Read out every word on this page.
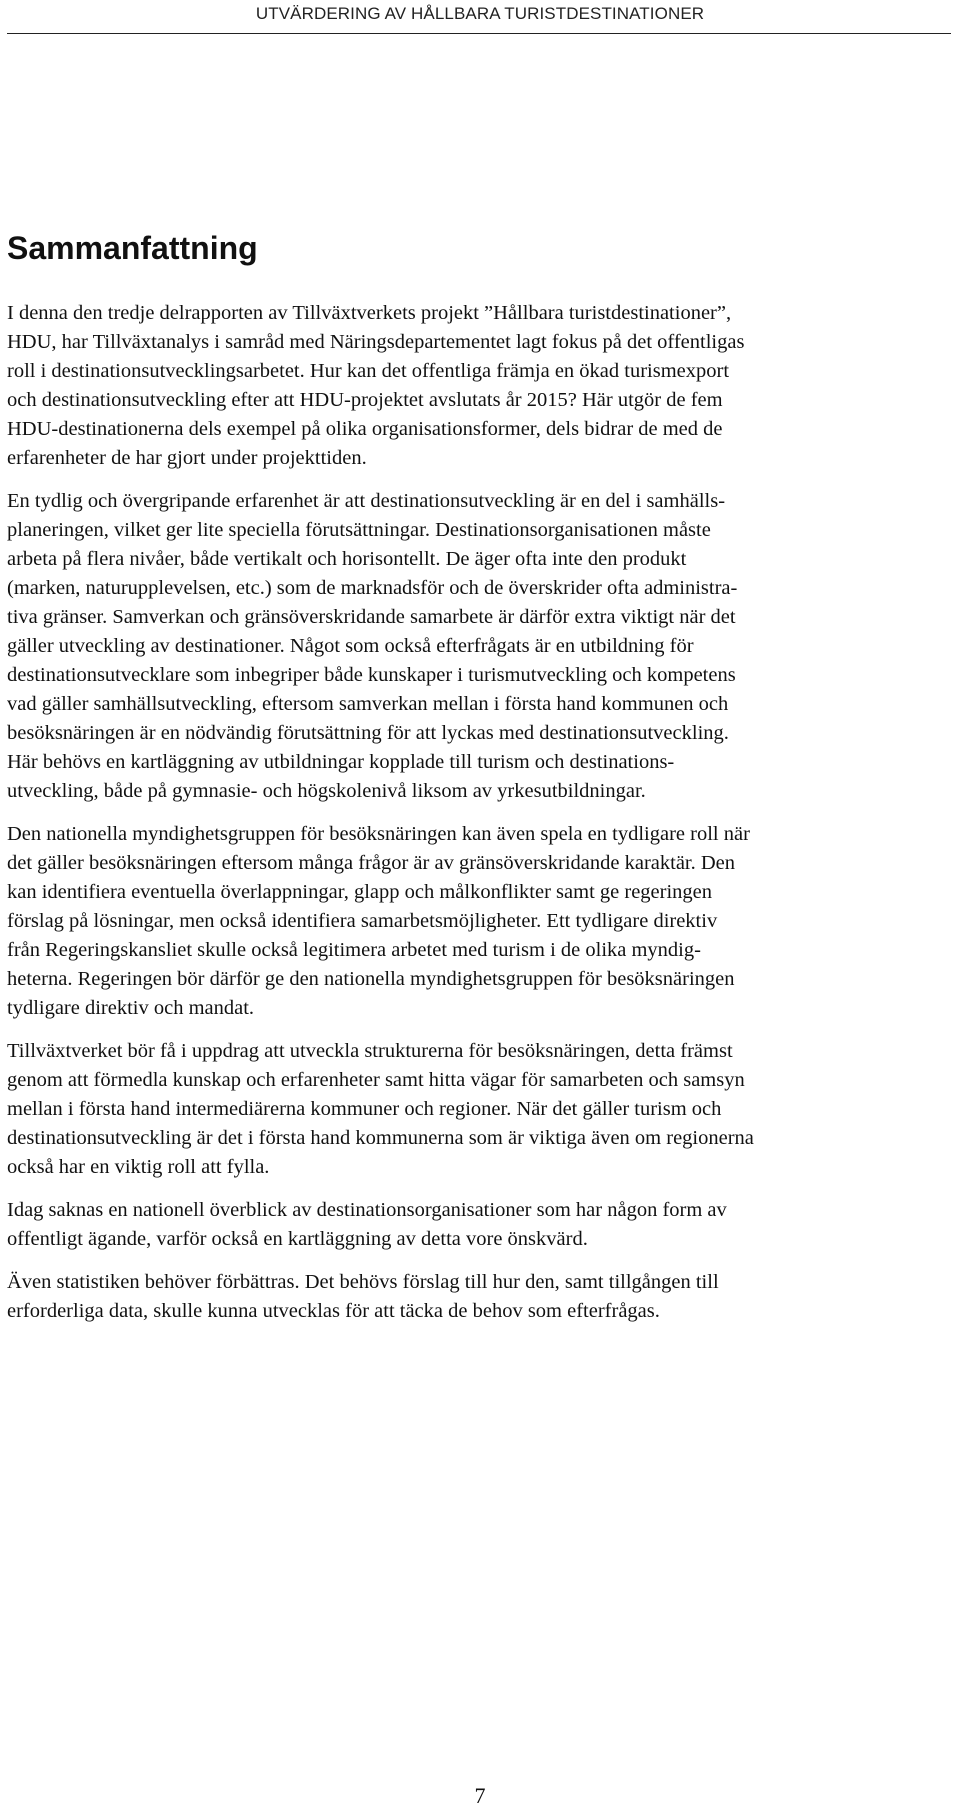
UTVÄRDERING AV HÅLLBARA TURISTDESTINATIONER
Sammanfattning

I denna den tredje delrapporten av Tillväxtverkets projekt ”Hållbara turistdestinationer”,
HDU, har Tillväxtanalys i samråd med Näringsdepartementet lagt fokus på det offentligas
roll i destinationsutvecklingsarbetet. Hur kan det offentliga främja en ökad turismexport
och destinationsutveckling efter att HDU-projektet avslutats år 2015? Här utgör de fem
HDU-destinationerna dels exempel på olika organisationsformer, dels bidrar de med de
erfarenheter de har gjort under projekttiden.

En tydlig och övergripande erfarenhet är att destinationsutveckling är en del i samhälls-
planeringen, vilket ger lite speciella förutsättningar. Destinationsorganisationen måste
arbeta på flera nivåer, både vertikalt och horisontellt. De äger ofta inte den produkt
(marken, naturupplevelsen, etc.) som de marknadsför och de överskrider ofta administra-
tiva gränser. Samverkan och gränsöverskridande samarbete är därför extra viktigt när det
gäller utveckling av destinationer. Något som också efterfrågats är en utbildning för
destinationsutvecklare som inbegriper både kunskaper i turismutveckling och kompetens
vad gäller samhällsutveckling, eftersom samverkan mellan i första hand kommunen och
besöksnäringen är en nödvändig förutsättning för att lyckas med destinationsutveckling.
Här behövs en kartläggning av utbildningar kopplade till turism och destinations-
utveckling, både på gymnasie- och högskolenivå liksom av yrkesutbildningar.

Den nationella myndighetsgruppen för besöksnäringen kan även spela en tydligare roll när
det gäller besöksnäringen eftersom många frågor är av gränsöverskridande karaktär. Den
kan identifiera eventuella överlappningar, glapp och målkonflikter samt ge regeringen
förslag på lösningar, men också identifiera samarbetsmöjligheter. Ett tydligare direktiv
från Regeringskansliet skulle också legitimera arbetet med turism i de olika myndig-
heterna. Regeringen bör därför ge den nationella myndighetsgruppen för besöksnäringen
tydligare direktiv och mandat.

Tillväxtverket bör få i uppdrag att utveckla strukturerna för besöksnäringen, detta främst
genom att förmedla kunskap och erfarenheter samt hitta vägar för samarbeten och samsyn
mellan i första hand intermediärerna kommuner och regioner. När det gäller turism och
destinationsutveckling är det i första hand kommunerna som är viktiga även om regionerna
också har en viktig roll att fylla.

Idag saknas en nationell överblick av destinationsorganisationer som har någon form av
offentligt ägande, varför också en kartläggning av detta vore önskvärd.

Även statistiken behöver förbättras. Det behövs förslag till hur den, samt tillgången till
erforderliga data, skulle kunna utvecklas för att täcka de behov som efterfrågas.

7
